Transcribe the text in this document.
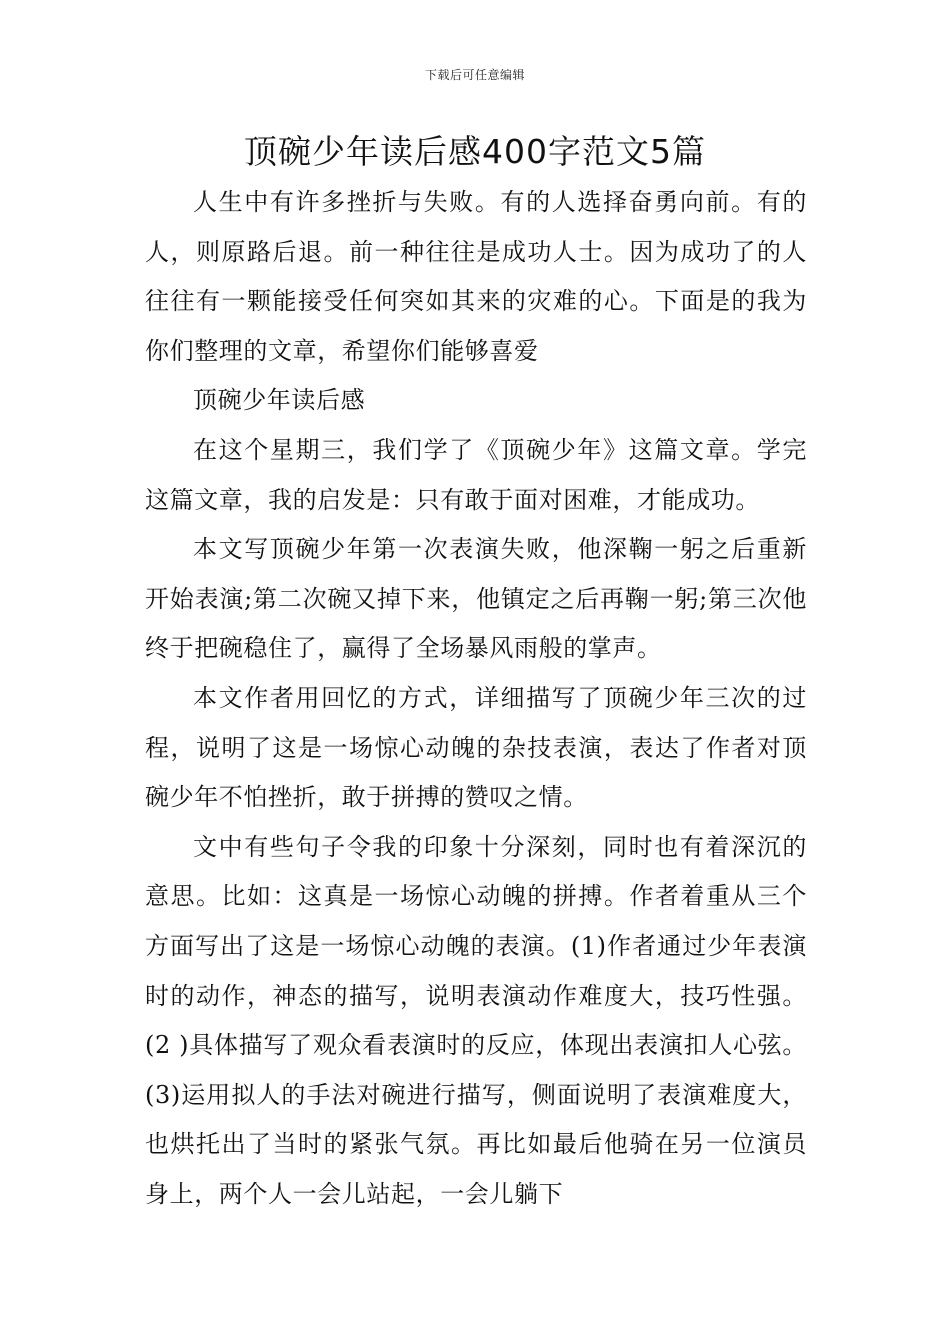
下载后可任意编辑
顶碗少年读后感400字范文5篇

人生中有许多挫折与失败。有的人选择奋勇向前。有的人，则原路后退。前一种往往是成功人士。因为成功了的人往往有一颗能接受任何突如其来的灾难的心。下面是的我为你们整理的文章，希望你们能够喜爱

顶碗少年读后感

在这个星期三，我们学了《顶碗少年》这篇文章。学完这篇文章，我的启发是：只有敢于面对困难，才能成功。

本文写顶碗少年第一次表演失败，他深鞠一躬之后重新开始表演;第二次碗又掉下来，他镇定之后再鞠一躬;第三次他终于把碗稳住了，赢得了全场暴风雨般的掌声。

本文作者用回忆的方式，详细描写了顶碗少年三次的过程，说明了这是一场惊心动魄的杂技表演，表达了作者对顶碗少年不怕挫折，敢于拼搏的赞叹之情。

文中有些句子令我的印象十分深刻，同时也有着深沉的意思。比如：这真是一场惊心动魄的拼搏。作者着重从三个方面写出了这是一场惊心动魄的表演。(1)作者通过少年表演时的动作，神态的描写，说明表演动作难度大，技巧性强。(2 )具体描写了观众看表演时的反应，体现出表演扣人心弦。(3)运用拟人的手法对碗进行描写，侧面说明了表演难度大，也烘托出了当时的紧张气氛。再比如最后他骑在另一位演员身上，两个人一会儿站起，一会儿躺下
